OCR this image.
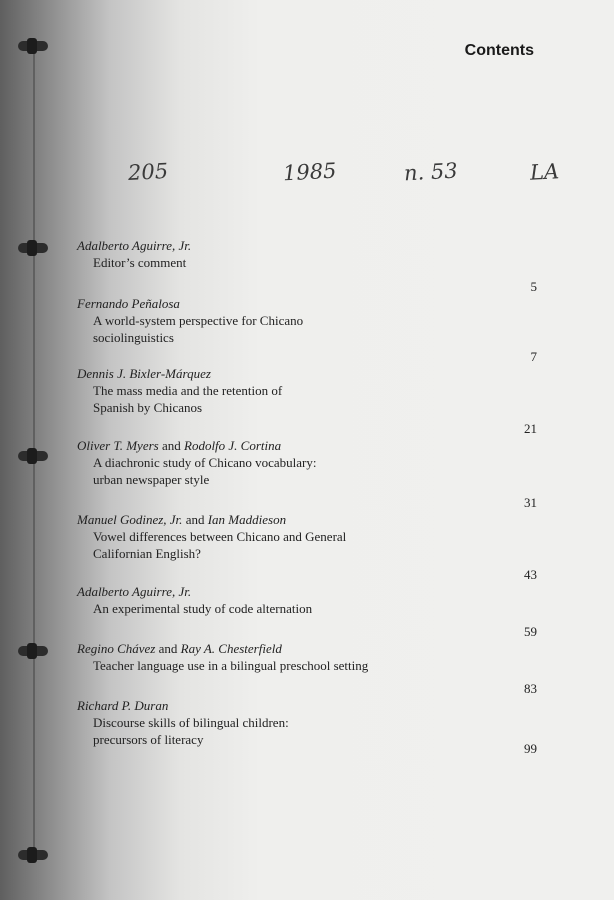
Contents
205	1985	n. 53	LA
Adalberto Aguirre, Jr.
Editor’s comment
5
Fernando Peñalosa
A world-system perspective for Chicano
sociolinguistics
7
Dennis J. Bixler-Márquez
The mass media and the retention of
Spanish by Chicanos
21
Oliver T. Myers and Rodolfo J. Cortina
A diachronic study of Chicano vocabulary:
urban newspaper style
31
Manuel Godinez, Jr. and Ian Maddieson
Vowel differences between Chicano and General
Californian English?
43
Adalberto Aguirre, Jr.
An experimental study of code alternation
59
Regino Chávez and Ray A. Chesterfield
Teacher language use in a bilingual preschool setting
83
Richard P. Duran
Discourse skills of bilingual children:
precursors of literacy
99
